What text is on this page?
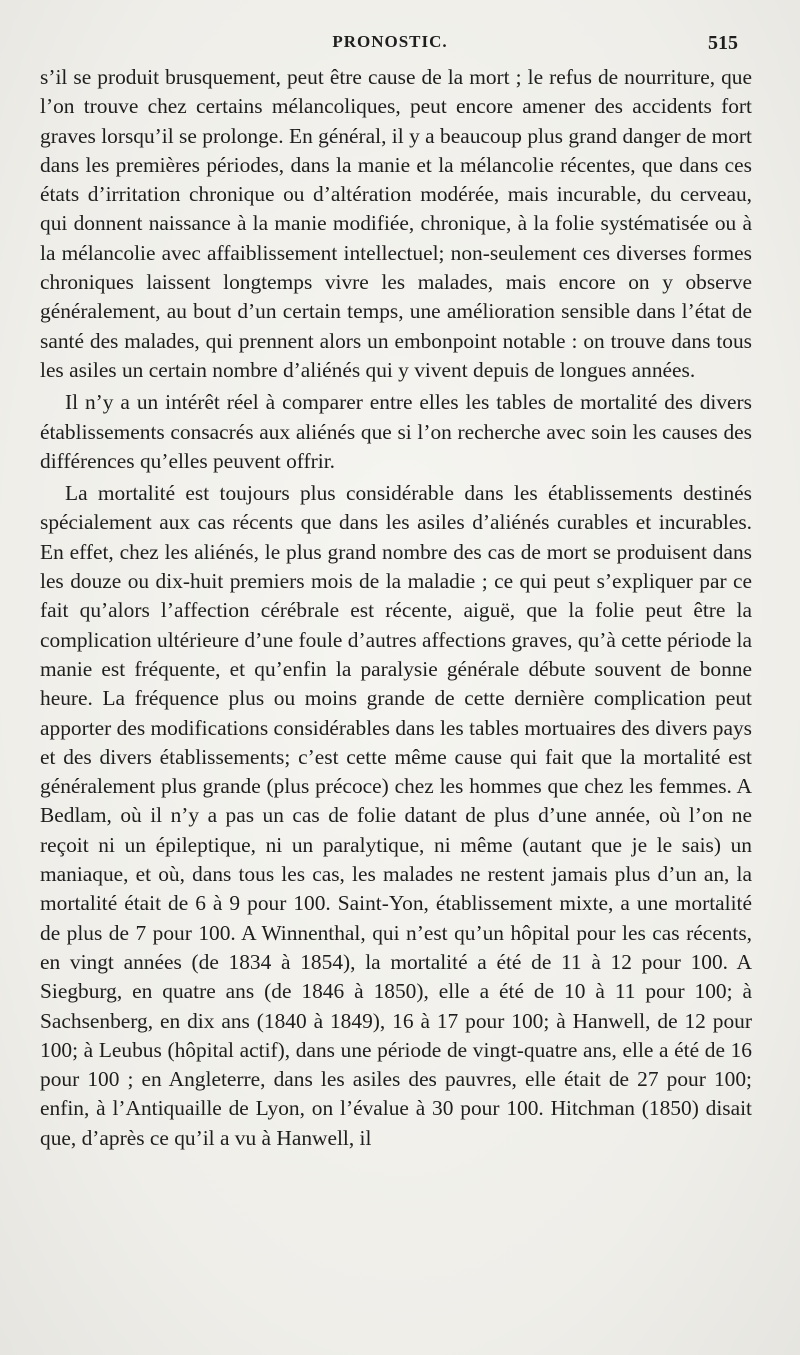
PRONOSTIC.	515

s’il se produit brusquement, peut être cause de la mort ; le refus de nourriture, que l’on trouve chez certains mélancoliques, peut encore amener des accidents fort graves lorsqu’il se prolonge. En général, il y a beaucoup plus grand danger de mort dans les premières périodes, dans la manie et la mélancolie récentes, que dans ces états d’irritation chronique ou d’altération modérée, mais incurable, du cerveau, qui donnent naissance à la manie modifiée, chronique, à la folie systématisée ou à la mélancolie avec affaiblissement intellectuel; non-seulement ces diverses formes chroniques laissent longtemps vivre les malades, mais encore on y observe généralement, au bout d’un certain temps, une amélioration sensible dans l’état de santé des malades, qui prennent alors un embonpoint notable : on trouve dans tous les asiles un certain nombre d’aliénés qui y vivent depuis de longues années.

Il n’y a un intérêt réel à comparer entre elles les tables de mortalité des divers établissements consacrés aux aliénés que si l’on recherche avec soin les causes des différences qu’elles peuvent offrir.

La mortalité est toujours plus considérable dans les établissements destinés spécialement aux cas récents que dans les asiles d’aliénés curables et incurables. En effet, chez les aliénés, le plus grand nombre des cas de mort se produisent dans les douze ou dix-huit premiers mois de la maladie ; ce qui peut s’expliquer par ce fait qu’alors l’affection cérébrale est récente, aiguë, que la folie peut être la complication ultérieure d’une foule d’autres affections graves, qu’à cette période la manie est fréquente, et qu’enfin la paralysie générale débute souvent de bonne heure. La fréquence plus ou moins grande de cette dernière complication peut apporter des modifications considérables dans les tables mortuaires des divers pays et des divers établissements; c’est cette même cause qui fait que la mortalité est généralement plus grande (plus précoce) chez les hommes que chez les femmes. A Bedlam, où il n’y a pas un cas de folie datant de plus d’une année, où l’on ne reçoit ni un épileptique, ni un paralytique, ni même (autant que je le sais) un maniaque, et où, dans tous les cas, les malades ne restent jamais plus d’un an, la mortalité était de 6 à 9 pour 100. Saint-Yon, établissement mixte, a une mortalité de plus de 7 pour 100. A Winnenthal, qui n’est qu’un hôpital pour les cas récents, en vingt années (de 1834 à 1854), la mortalité a été de 11 à 12 pour 100. A Siegburg, en quatre ans (de 1846 à 1850), elle a été de 10 à 11 pour 100; à Sachsenberg, en dix ans (1840 à 1849), 16 à 17 pour 100; à Hanwell, de 12 pour 100; à Leubus (hôpital actif), dans une période de vingt-quatre ans, elle a été de 16 pour 100 ; en Angleterre, dans les asiles des pauvres, elle était de 27 pour 100; enfin, à l’Antiquaille de Lyon, on l’évalue à 30 pour 100. Hitchman (1850) disait que, d’après ce qu’il a vu à Hanwell, il
